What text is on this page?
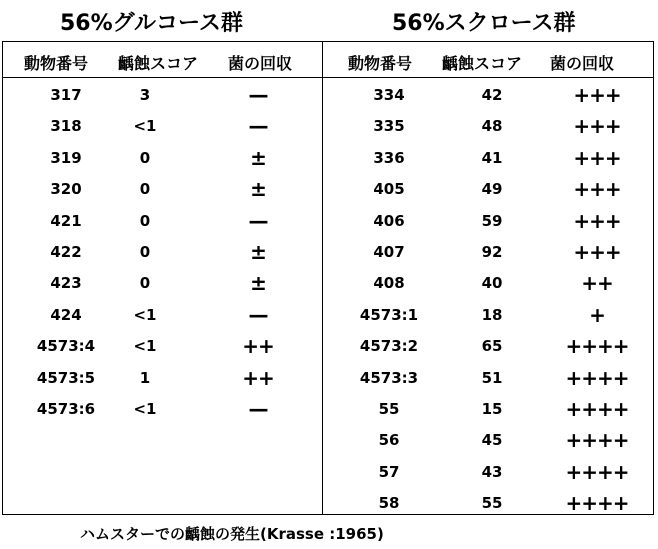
56%グルコース群	56%スクロース群
動物番号 齲蝕スコア 菌の回収	動物番号 齲蝕スコア 菌の回収
317	3	—
318	<1	—
319	0	±
320	0	±
421	0	—
422	0	±
423	0	±
424	<1	—
4573:4	<1	++
4573:5	1	++
4573:6	<1	—
334	42	+++
335	48	+++
336	41	+++
405	49	+++
406	59	+++
407	92	+++
408	40	++
4573:1	18	+
4573:2	65	++++
4573:3	51	++++
55	15	++++
56	45	++++
57	43	++++
58	55	++++
ハムスターでの齲蝕の発生(Krasse :1965)
